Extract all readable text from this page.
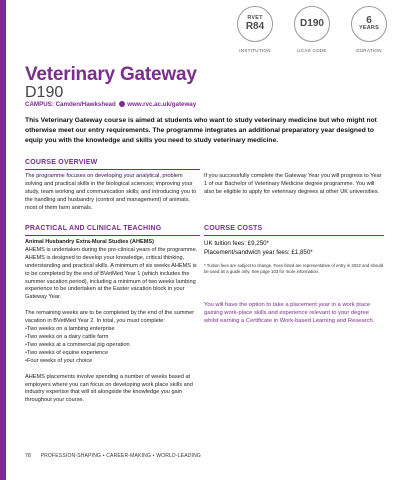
RVET
R84
INSTITUTION
D190
UCAS CODE
6
YEARS
DURATION
Veterinary Gateway
D190
CAMPUS: Camden/Hawkshead www.rvc.ac.uk/gateway
This Veterinary Gateway course is aimed at students who want to study veterinary medicine but who might not otherwise meet our entry requirements. The programme integrates an additional preparatory year designed to equip you with the knowledge and skills you need to study veterinary medicine.
COURSE OVERVIEW
The programme focuses on developing your analytical, problem solving and practical skills in the biological sciences; improving your study, team working and communication skills; and introducing you to the handling and husbandry (control and management) of animals, most of them farm animals.
If you successfully complete the Gateway Year you will progress to Year 1 of our Bachelor of Veterinary Medicine degree programme. You will also be eligible to apply for veterinary degrees at other UK universities.
PRACTICAL AND CLINICAL TEACHING
Animal Husbandry Extra-Mural Studies (AHEMS)
AHEMS is undertaken during the pre-clinical years of the programme. AHEMS is designed to develop your knowledge, critical thinking, understanding and practical skills. A minimum of six weeks AHEMS is to be completed by the end of BVetMed Year 1 (which includes the summer vacation period), including a minimum of two weeks lambing experience to be undertaken at the Easter vacation block in your Gateway Year.
The remaining weeks are to be completed by the end of the summer vacation in BVetMed Year 2. In total, you must complete:
• Two weeks on a lambing enterprise
• Two weeks on a dairy cattle farm
• Two weeks at a commercial pig operation
• Two weeks of equine experience
• Four weeks of your choice
AHEMS placements involve spending a number of weeks based at employers where you can focus on developing work place skills and industry expertise that will sit alongside the knowledge you gain throughout your course.
COURSE COSTS
UK tuition fees: £9,250*
Placement/sandwich year fees: £1,850*
* Tuition fees are subject to change. Fees listed are representative of entry in 2022 and should be used as a guide only. See page 103 for more information.
You will have the option to take a placement year in a work place gaining work-place skills and experience relevant to your degree whilst earning a Certificate in Work-based Learning and Research.
78 PROFESSION-SHAPING • CAREER-MAKING • WORLD-LEADING
